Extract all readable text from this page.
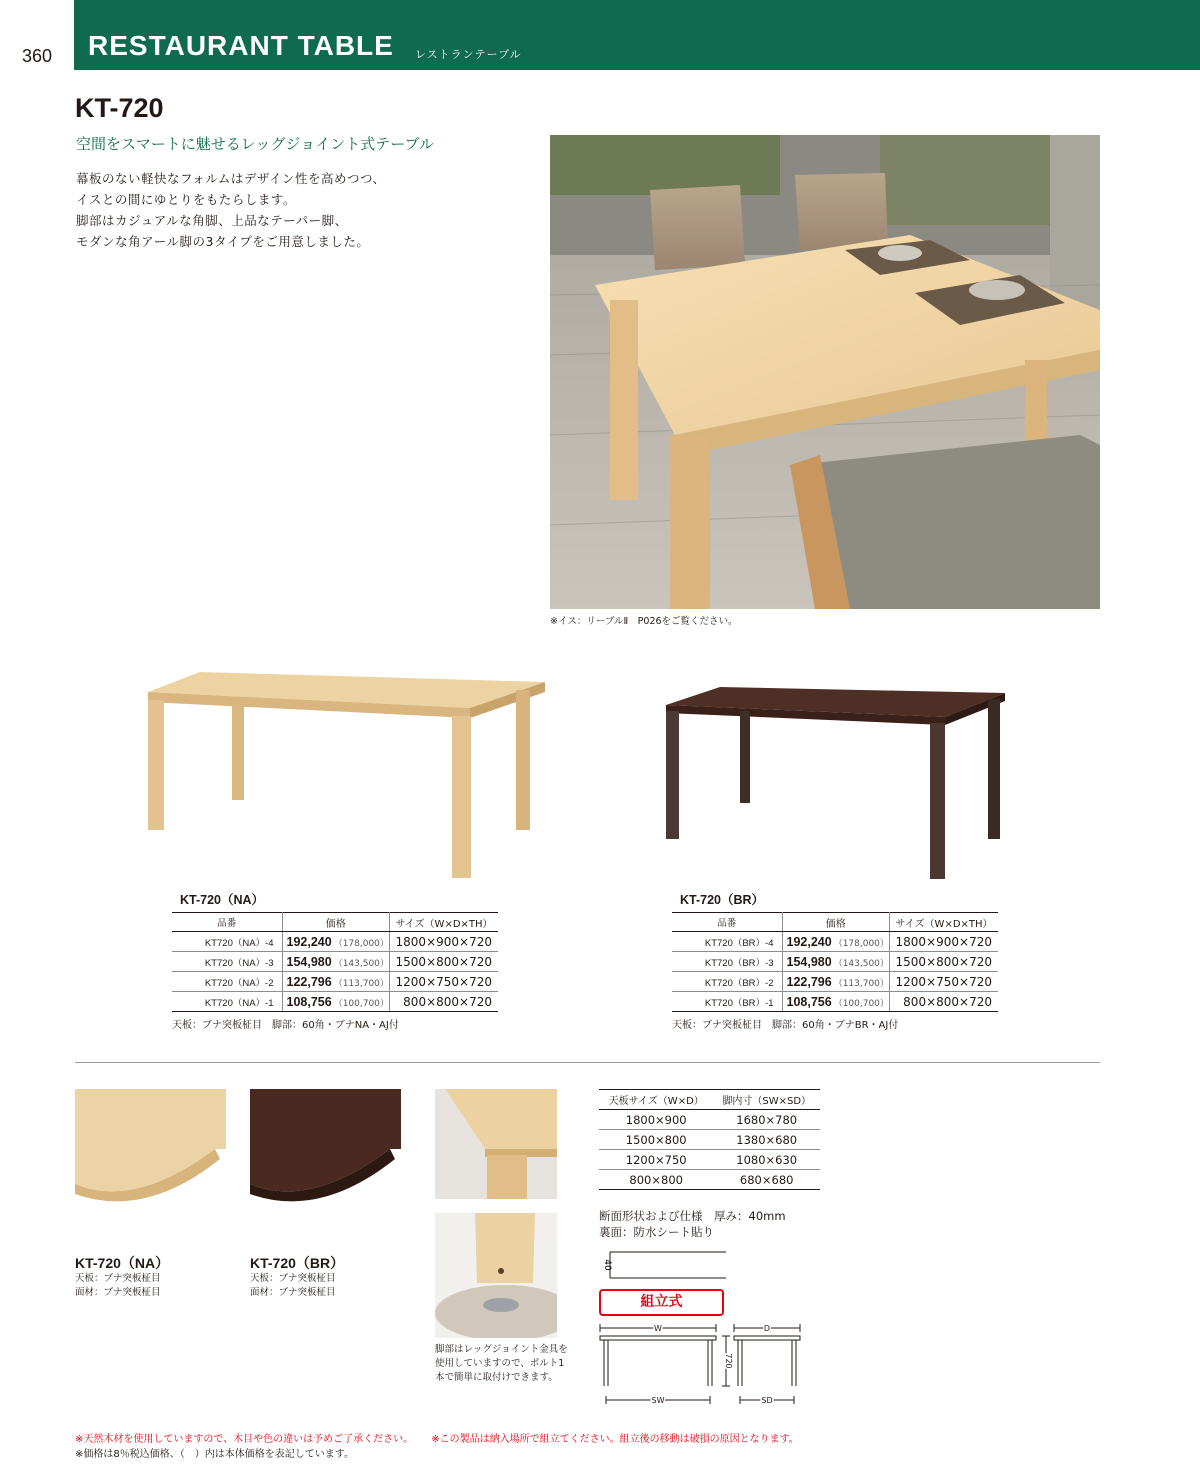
360 RESTAURANT TABLE レストランテーブル
KT-720
空間をスマートに魅せるレッグジョイント式テーブル
幕板のない軽快なフォルムはデザイン性を高めつつ、
イスとの間にゆとりをもたらします。
脚部はカジュアルな角脚、上品なテーパー脚、
モダンな角アール脚の3タイプをご用意しました。
※イス：リーブルⅡ　P026をご覧ください。
KT-720（NA）
品番	価格	サイズ（W×D×TH）
KT720（NA）-4	192,240 （178,000）	1800×900×720
KT720（NA）-3	154,980 （143,500）	1500×800×720
KT720（NA）-2	122,796 （113,700）	1200×750×720
KT720（NA）-1	108,756 （100,700）	800×800×720
天板：ブナ突板柾目　脚部：60角・ブナNA・AJ付
KT-720（BR）
品番	価格	サイズ（W×D×TH）
KT720（BR）-4	192,240 （178,000）	1800×900×720
KT720（BR）-3	154,980 （143,500）	1500×800×720
KT720（BR）-2	122,796 （113,700）	1200×750×720
KT720（BR）-1	108,756 （100,700）	800×800×720
天板：ブナ突板柾目　脚部：60角・ブナBR・AJ付
KT-720（NA）
天板：ブナ突板柾目
面材：ブナ突板柾目
KT-720（BR）
天板：ブナ突板柾目
面材：ブナ突板柾目
脚部はレッグジョイント金具を
使用していますので、ボルト1
本で簡単に取付けできます。
天板サイズ（W×D）	脚内寸（SW×SD）
1800×900	1680×780
1500×800	1380×680
1200×750	1080×630
800×800	680×680
断面形状および仕様　厚み：40mm
裏面：防水シート貼り
40
組立式
W	D
SW	SD
720
※天然木材を使用していますので、木目や色の違いは予めご了承ください。 ※この製品は納入場所で組立てください。組立後の移動は破損の原因となります。
※価格は8％税込価格、（　）内は本体価格を表記しています。
